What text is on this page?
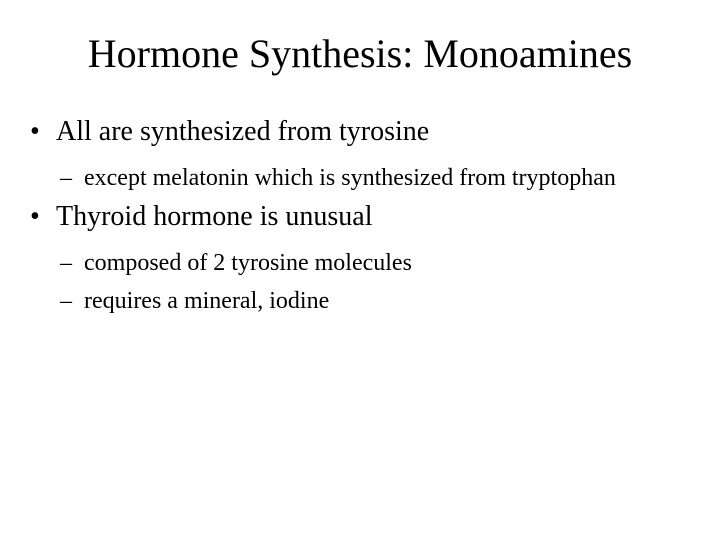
Hormone Synthesis: Monoamines
• All are synthesized from tyrosine
– except melatonin which is synthesized from tryptophan
• Thyroid hormone is unusual
– composed of 2 tyrosine molecules
– requires a mineral, iodine
